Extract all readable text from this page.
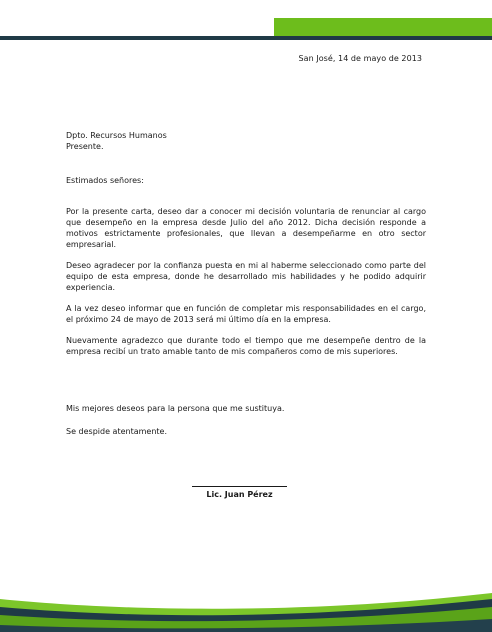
San José, 14 de mayo de 2013
Dpto. Recursos Humanos
Presente.
Estimados señores:

Por la presente carta, deseo dar a conocer mi decisión voluntaria de renunciar al cargo que desempeño en la empresa desde Julio del año 2012. Dicha decisión responde a motivos estrictamente profesionales, que llevan a desempeñarme en otro sector empresarial.

Deseo agradecer por la confianza puesta en mi al haberme seleccionado como parte del equipo de esta empresa, donde he desarrollado mis habilidades y he podido adquirir experiencia.

A la vez deseo informar que en función de completar mis responsabilidades en el cargo, el próximo 24 de mayo de 2013 será mi último día en la empresa.

Nuevamente agradezco que durante todo el tiempo que me desempeñe dentro de la empresa recibí un trato amable tanto de mis compañeros como de mis superiores.

Mis mejores deseos para la persona que me sustituya.
Se despide atentamente.
Lic. Juan Pérez
